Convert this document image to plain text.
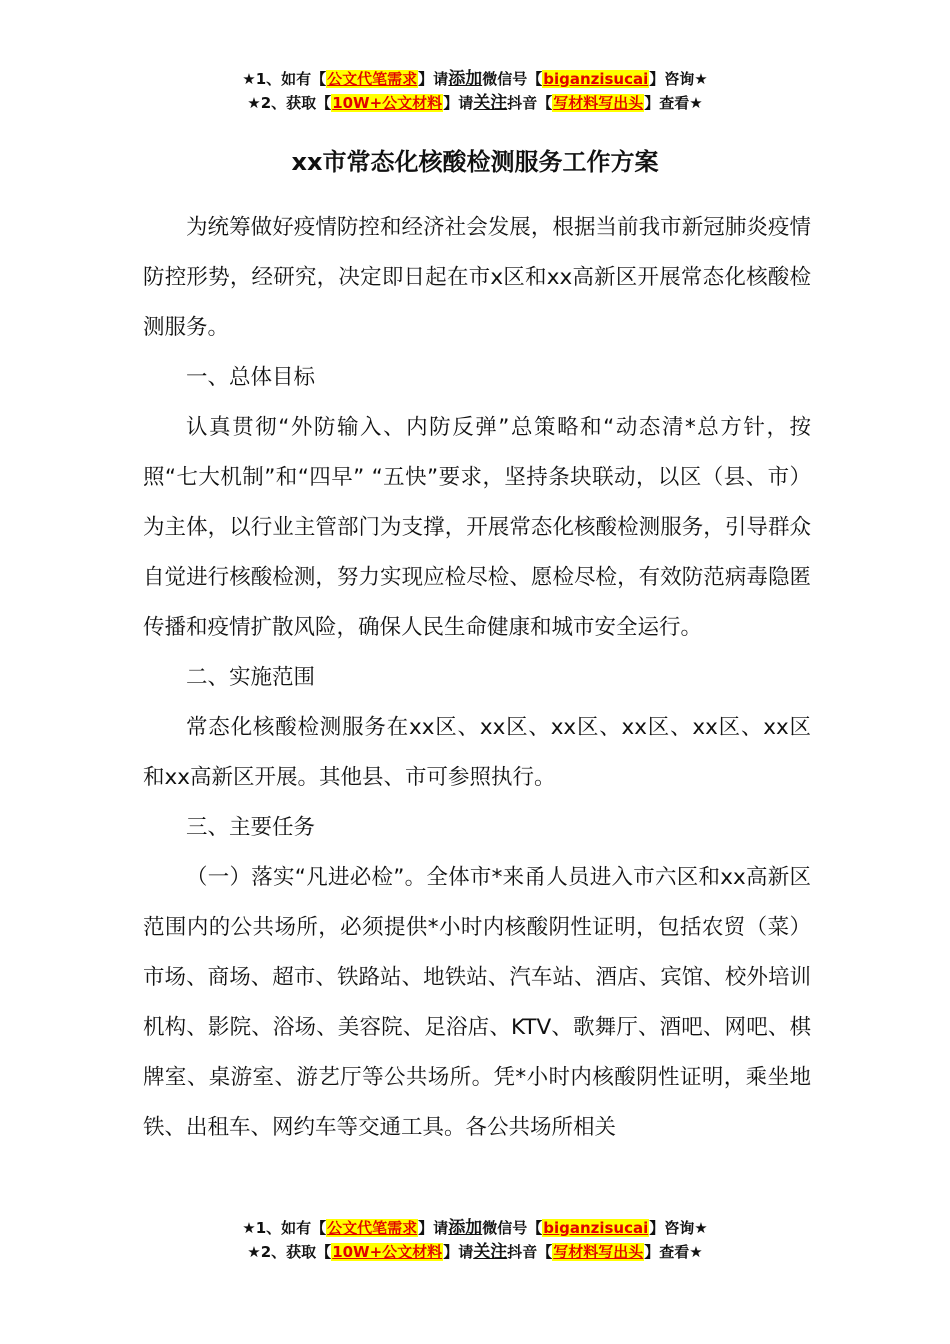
★1、如有【公文代笔需求】请添加微信号【biganzisucai】咨询★
★2、获取【10W+公文材料】请关注抖音【写材料写出头】查看★
xx市常态化核酸检测服务工作方案

为统筹做好疫情防控和经济社会发展，根据当前我市新冠肺炎疫情防控形势，经研究，决定即日起在市x区和xx高新区开展常态化核酸检测服务。

一、总体目标

认真贯彻“外防输入、内防反弹”总策略和“动态清*总方针，按照“七大机制”和“四早” “五快”要求，坚持条块联动，以区（县、市）为主体，以行业主管部门为支撑，开展常态化核酸检测服务，引导群众自觉进行核酸检测，努力实现应检尽检、愿检尽检，有效防范病毒隐匿传播和疫情扩散风险，确保人民生命健康和城市安全运行。

二、实施范围

常态化核酸检测服务在xx区、xx区、xx区、xx区、xx区、xx区和xx高新区开展。其他县、市可参照执行。

三、主要任务

（一）落实“凡进必检”。全体市*来甬人员进入市六区和xx高新区范围内的公共场所，必须提供*小时内核酸阴性证明，包括农贸（菜）市场、商场、超市、铁路站、地铁站、汽车站、酒店、宾馆、校外培训机构、影院、浴场、美容院、足浴店、KTV、歌舞厅、酒吧、网吧、棋牌室、桌游室、游艺厅等公共场所。凭*小时内核酸阴性证明，乘坐地铁、出租车、网约车等交通工具。各公共场所相关

★1、如有【公文代笔需求】请添加微信号【biganzisucai】咨询★
★2、获取【10W+公文材料】请关注抖音【写材料写出头】查看★
